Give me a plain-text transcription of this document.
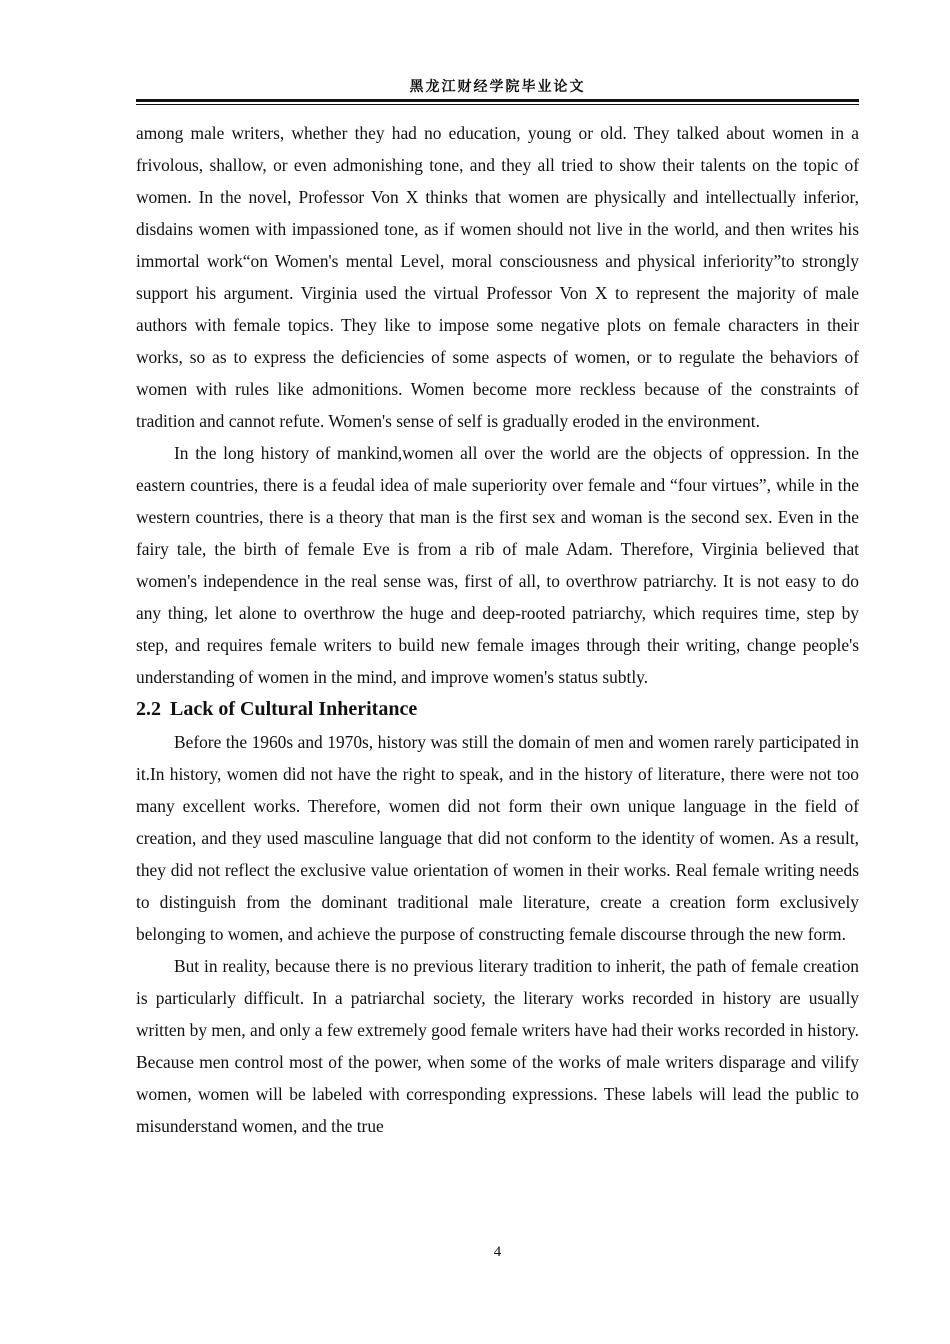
黑龙江财经学院毕业论文

among male writers, whether they had no education, young or old. They talked about women in a frivolous, shallow, or even admonishing tone, and they all tried to show their talents on the topic of women. In the novel, Professor Von X thinks that women are physically and intellectually inferior, disdains women with impassioned tone, as if women should not live in the world, and then writes his immortal work“on Women's mental Level, moral consciousness and physical inferiority”to strongly support his argument. Virginia used the virtual Professor Von X to represent the majority of male authors with female topics. They like to impose some negative plots on female characters in their works, so as to express the deficiencies of some aspects of women, or to regulate the behaviors of women with rules like admonitions. Women become more reckless because of the constraints of tradition and cannot refute. Women's sense of self is gradually eroded in the environment.

In the long history of mankind,women all over the world are the objects of oppression. In the eastern countries, there is a feudal idea of male superiority over female and “four virtues”, while in the western countries, there is a theory that man is the first sex and woman is the second sex. Even in the fairy tale, the birth of female Eve is from a rib of male Adam. Therefore, Virginia believed that women's independence in the real sense was, first of all, to overthrow patriarchy. It is not easy to do any thing, let alone to overthrow the huge and deep-rooted patriarchy, which requires time, step by step, and requires female writers to build new female images through their writing, change people's understanding of women in the mind, and improve women's status subtly.

2.2 Lack of Cultural Inheritance

Before the 1960s and 1970s, history was still the domain of men and women rarely participated in it.In history, women did not have the right to speak, and in the history of literature, there were not too many excellent works. Therefore, women did not form their own unique language in the field of creation, and they used masculine language that did not conform to the identity of women. As a result, they did not reflect the exclusive value orientation of women in their works. Real female writing needs to distinguish from the dominant traditional male literature, create a creation form exclusively belonging to women, and achieve the purpose of constructing female discourse through the new form.

But in reality, because there is no previous literary tradition to inherit, the path of female creation is particularly difficult. In a patriarchal society, the literary works recorded in history are usually written by men, and only a few extremely good female writers have had their works recorded in history. Because men control most of the power, when some of the works of male writers disparage and vilify women, women will be labeled with corresponding expressions. These labels will lead the public to misunderstand women, and the true

4
